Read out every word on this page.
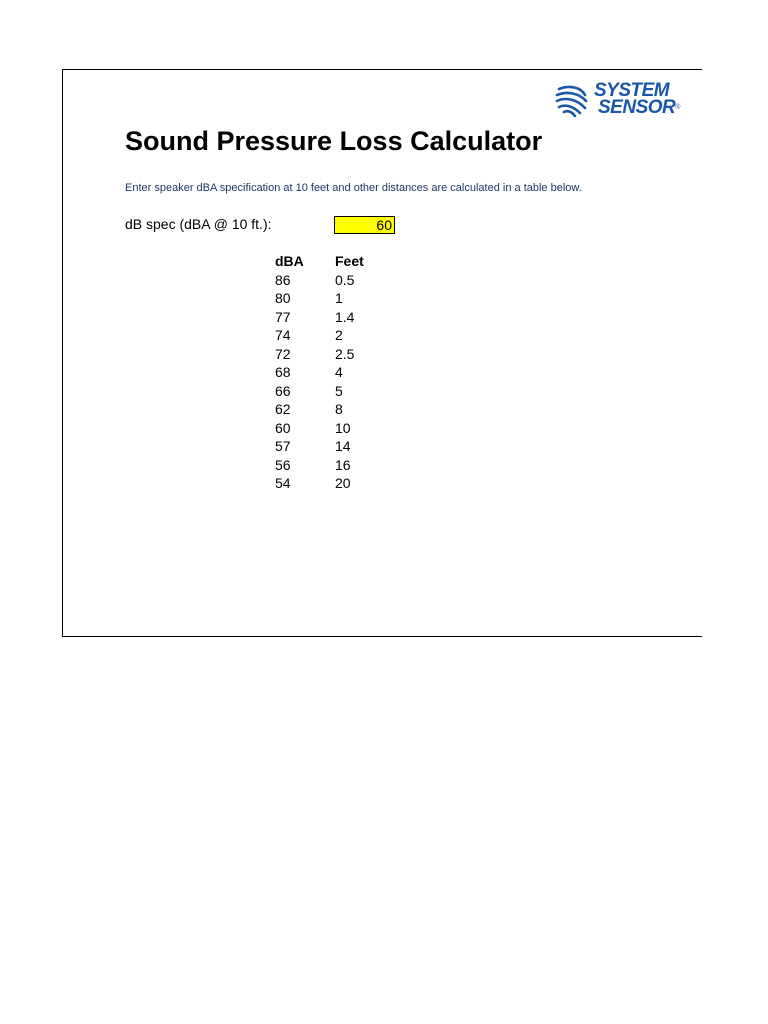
SYSTEM
SENSOR®
Sound Pressure Loss Calculator
Enter speaker dBA specification at 10 feet and other distances are calculated in a table below.
dB spec (dBA @ 10 ft.):
60
dBA	Feet
86	0.5
80	1
77	1.4
74	2
72	2.5
68	4
66	5
62	8
60	10
57	14
56	16
54	20
